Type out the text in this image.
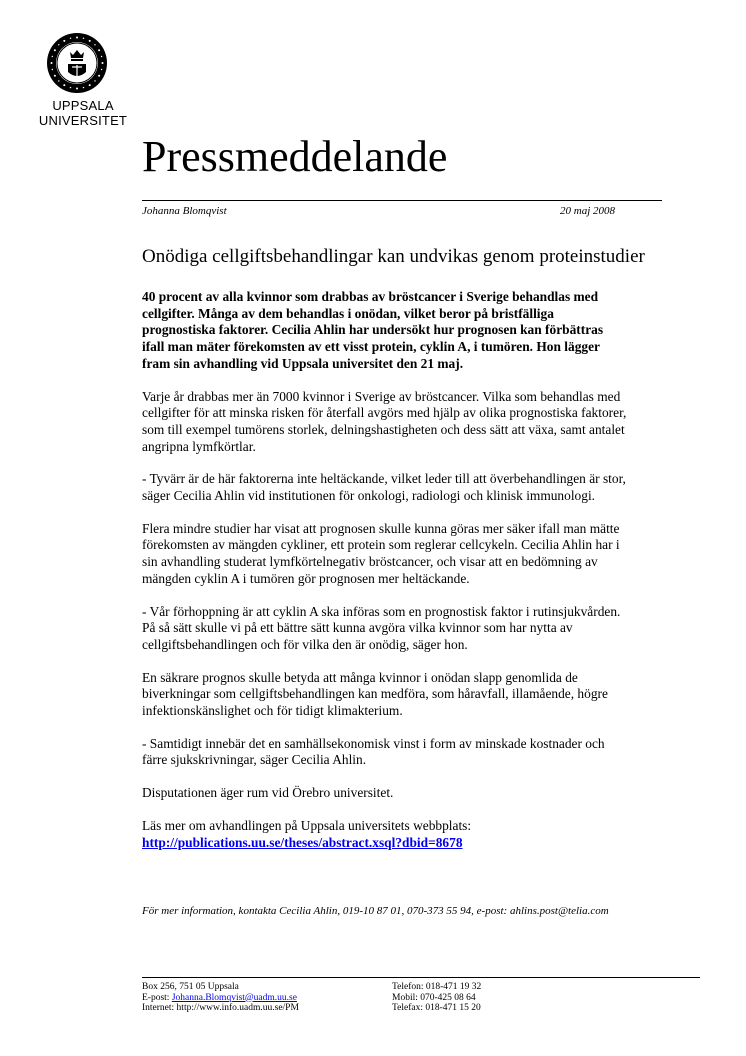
UPPSALA
UNIVERSITET
Pressmeddelande
Johanna Blomqvist	20 maj 2008
Onödiga cellgiftsbehandlingar kan undvikas genom proteinstudier

40 procent av alla kvinnor som drabbas av bröstcancer i Sverige behandlas med
cellgifter. Många av dem behandlas i onödan, vilket beror på bristfälliga
prognostiska faktorer. Cecilia Ahlin har undersökt hur prognosen kan förbättras
ifall man mäter förekomsten av ett visst protein, cyklin A, i tumören. Hon lägger
fram sin avhandling vid Uppsala universitet den 21 maj.

Varje år drabbas mer än 7000 kvinnor i Sverige av bröstcancer. Vilka som behandlas med
cellgifter för att minska risken för återfall avgörs med hjälp av olika prognostiska faktorer,
som till exempel tumörens storlek, delningshastigheten och dess sätt att växa, samt antalet
angripna lymfkörtlar.

- Tyvärr är de här faktorerna inte heltäckande, vilket leder till att överbehandlingen är stor,
säger Cecilia Ahlin vid institutionen för onkologi, radiologi och klinisk immunologi.

Flera mindre studier har visat att prognosen skulle kunna göras mer säker ifall man mätte
förekomsten av mängden cykliner, ett protein som reglerar cellcykeln. Cecilia Ahlin har i
sin avhandling studerat lymfkörtelnegativ bröstcancer, och visar att en bedömning av
mängden cyklin A i tumören gör prognosen mer heltäckande.

- Vår förhoppning är att cyklin A ska införas som en prognostisk faktor i rutinsjukvården.
På så sätt skulle vi på ett bättre sätt kunna avgöra vilka kvinnor som har nytta av
cellgiftsbehandlingen och för vilka den är onödig, säger hon.

En säkrare prognos skulle betyda att många kvinnor i onödan slapp genomlida de
biverkningar som cellgiftsbehandlingen kan medföra, som håravfall, illamående, högre
infektionskänslighet och för tidigt klimakterium.

- Samtidigt innebär det en samhällsekonomisk vinst i form av minskade kostnader och
färre sjukskrivningar, säger Cecilia Ahlin.

Disputationen äger rum vid Örebro universitet.

Läs mer om avhandlingen på Uppsala universitets webbplats:
http://publications.uu.se/theses/abstract.xsql?dbid=8678

För mer information, kontakta Cecilia Ahlin, 019-10 87 01, 070-373 55 94, e-post: ahlins.post@telia.com
Box 256, 751 05 Uppsala
E-post: Johanna.Blomqvist@uadm.uu.se
Internet: http://www.info.uadm.uu.se/PM
Telefon: 018-471 19 32
Mobil: 070-425 08 64
Telefax: 018-471 15 20
